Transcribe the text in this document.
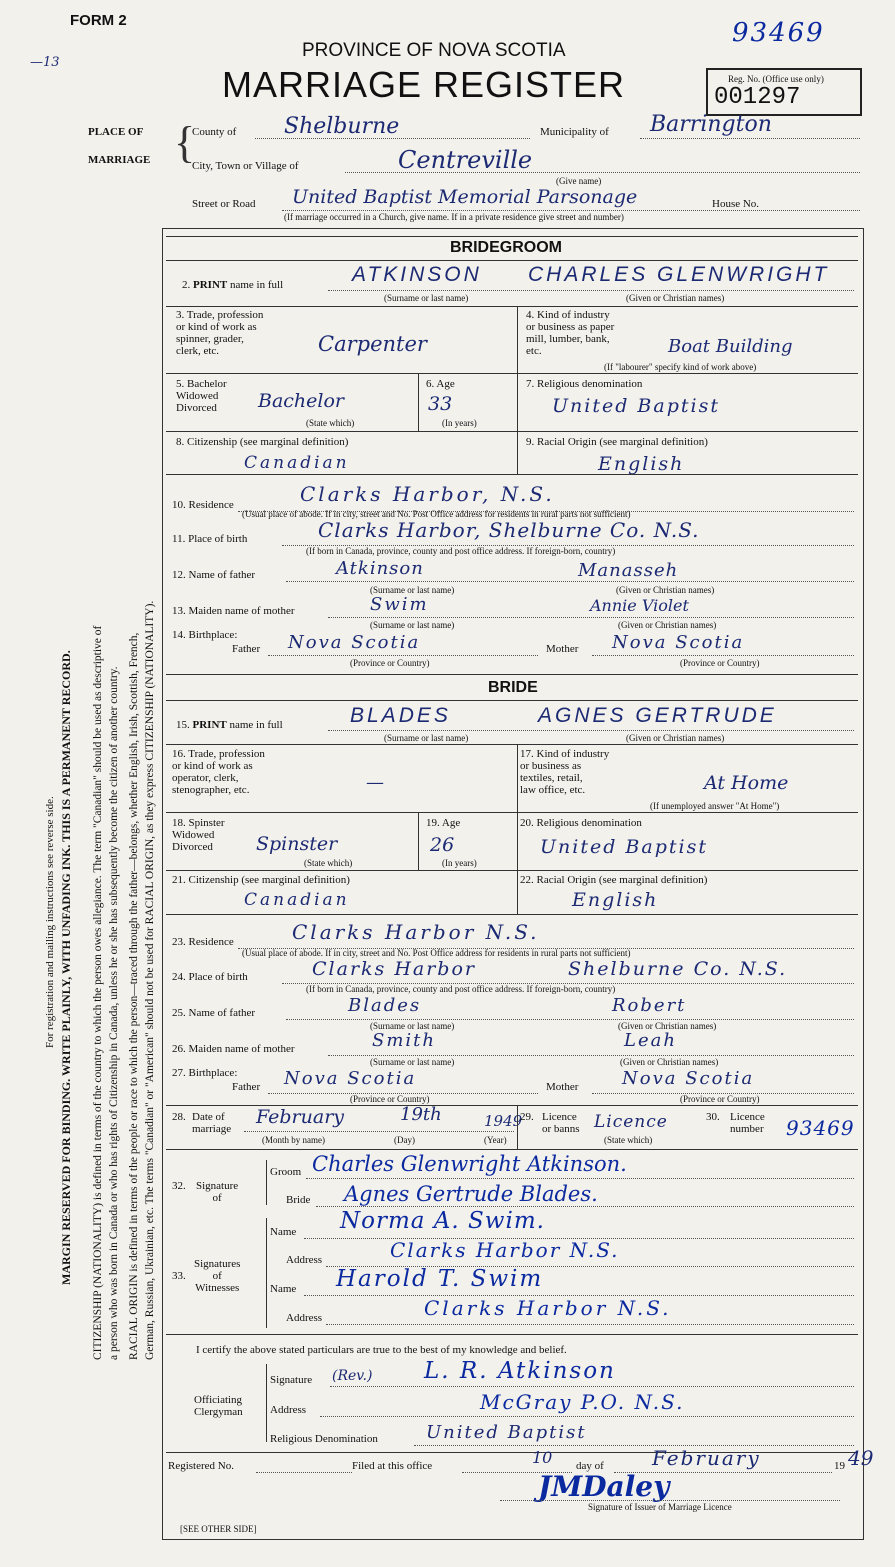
For registration and mailing instructions see reverse side. MARGIN RESERVED FOR BINDING. WRITE PLAINLY, WITH UNFADING INK. THIS IS A PERMANENT RECORD. CITIZENSHIP (NATIONALITY) is defined in terms of the country to which the person owes allegiance. The term "Canadian" should be used as descriptive of a person who was born in Canada or who has rights of Citizenship in Canada, unless he or she has subsequently become the citizen of another country. RACIAL ORIGIN is defined in terms of the people or race to which the person—traced through the father—belongs, whether English, Irish, Scottish, French, German, Russian, Ukrainian, etc. The terms "Canadian" or "American" should not be used for RACIAL ORIGIN, as they express CITIZENSHIP (NATIONALITY).
FORM 2
—13
93469
PROVINCE OF NOVA SCOTIA
MARRIAGE REGISTER	Reg. No. (Office use only)
001297
PLACE OF
MARRIAGE {
County of Shelburne	Municipality of Barrington
City, Town or Village of	Centreville
(Give name)
Street or Road United Baptist Memorial Parsonage	House No.
(If marriage occurred in a Church, give name. If in a private residence give street and number)
BRIDEGROOM
2. PRINT name in full	ATKINSON CHARLES GLENWRIGHT
(Surname or last name)	(Given or Christian names)
3. Trade, profession
or kind of work as
spinner, grader,
clerk, etc.	Carpenter
4. Kind of industry
or business as paper
mill, lumber, bank,
etc.	Boat Building
(If "labourer" specify kind of work above)
5. Bachelor
Widowed
Divorced	Bachelor
(State which)
6. Age
33
(In years)
7. Religious denomination
United Baptist
8. Citizenship (see marginal definition)
Canadian
9. Racial Origin (see marginal definition)
English
10. Residence	Clarks Harbor, N.S.
(Usual place of abode. If in city, street and No. Post Office address for residents in rural parts not sufficient)
11. Place of birth	Clarks Harbor, Shelburne Co. N.S.
(If born in Canada, province, county and post office address. If foreign-born, country)
12. Name of father	Atkinson	Manasseh
(Surname or last name)	(Given or Christian names)
13. Maiden name of mother	Swim	Annie Violet
(Surname or last name)	(Given or Christian names)
14. Birthplace:
Father Nova Scotia
(Province or Country)
Mother Nova Scotia
(Province or Country)
BRIDE
15. PRINT name in full	BLADES	AGNES GERTRUDE
(Surname or last name)	(Given or Christian names)
16. Trade, profession
or kind of work as
operator, clerk,
stenographer, etc.	—
17. Kind of industry
or business as
textiles, retail,
law office, etc.	At Home
(If unemployed answer "At Home")
18. Spinster
Widowed
Divorced	Spinster
(State which)
19. Age
26
(In years)
20. Religious denomination
United Baptist
21. Citizenship (see marginal definition)
Canadian
22. Racial Origin (see marginal definition)
English
23. Residence	Clarks Harbor N.S.
(Usual place of abode. If in city, street and No. Post Office address for residents in rural parts not sufficient)
24. Place of birth	Clarks Harbor	Shelburne Co. N.S.
(If born in Canada, province, county and post office address. If foreign-born, country)
25. Name of father	Blades	Robert
(Surname or last name)	(Given or Christian names)
26. Maiden name of mother	Smith	Leah
(Surname or last name)	(Given or Christian names)
27. Birthplace:
Father Nova Scotia
(Province or Country)
Mother Nova Scotia
(Province or Country)
28. Date of
marriage
February	19th	1949
(Month by name)	(Day)	(Year)
29. Licence
or banns Licence
(State which)
30. Licence
number 93469
32. Signature
of
Groom Charles Glenwright Atkinson.
Bride Agnes Gertrude Blades.
33.
Signatures
of
Witnesses
Name Norma A. Swim.
Address	Clarks Harbor N.S.
Name Harold T. Swim
Address	Clarks Harbor N.S.
I certify the above stated particulars are true to the best of my knowledge and belief.
Officiating
Clergyman
Signature (Rev.) L. R. Atkinson
Address	McGray P.O. N.S.
Religious Denomination	United Baptist
Registered No.	Filed at this office	10 day of February	19 49
JMDaley
Signature of Issuer of Marriage Licence
[SEE OTHER SIDE]
